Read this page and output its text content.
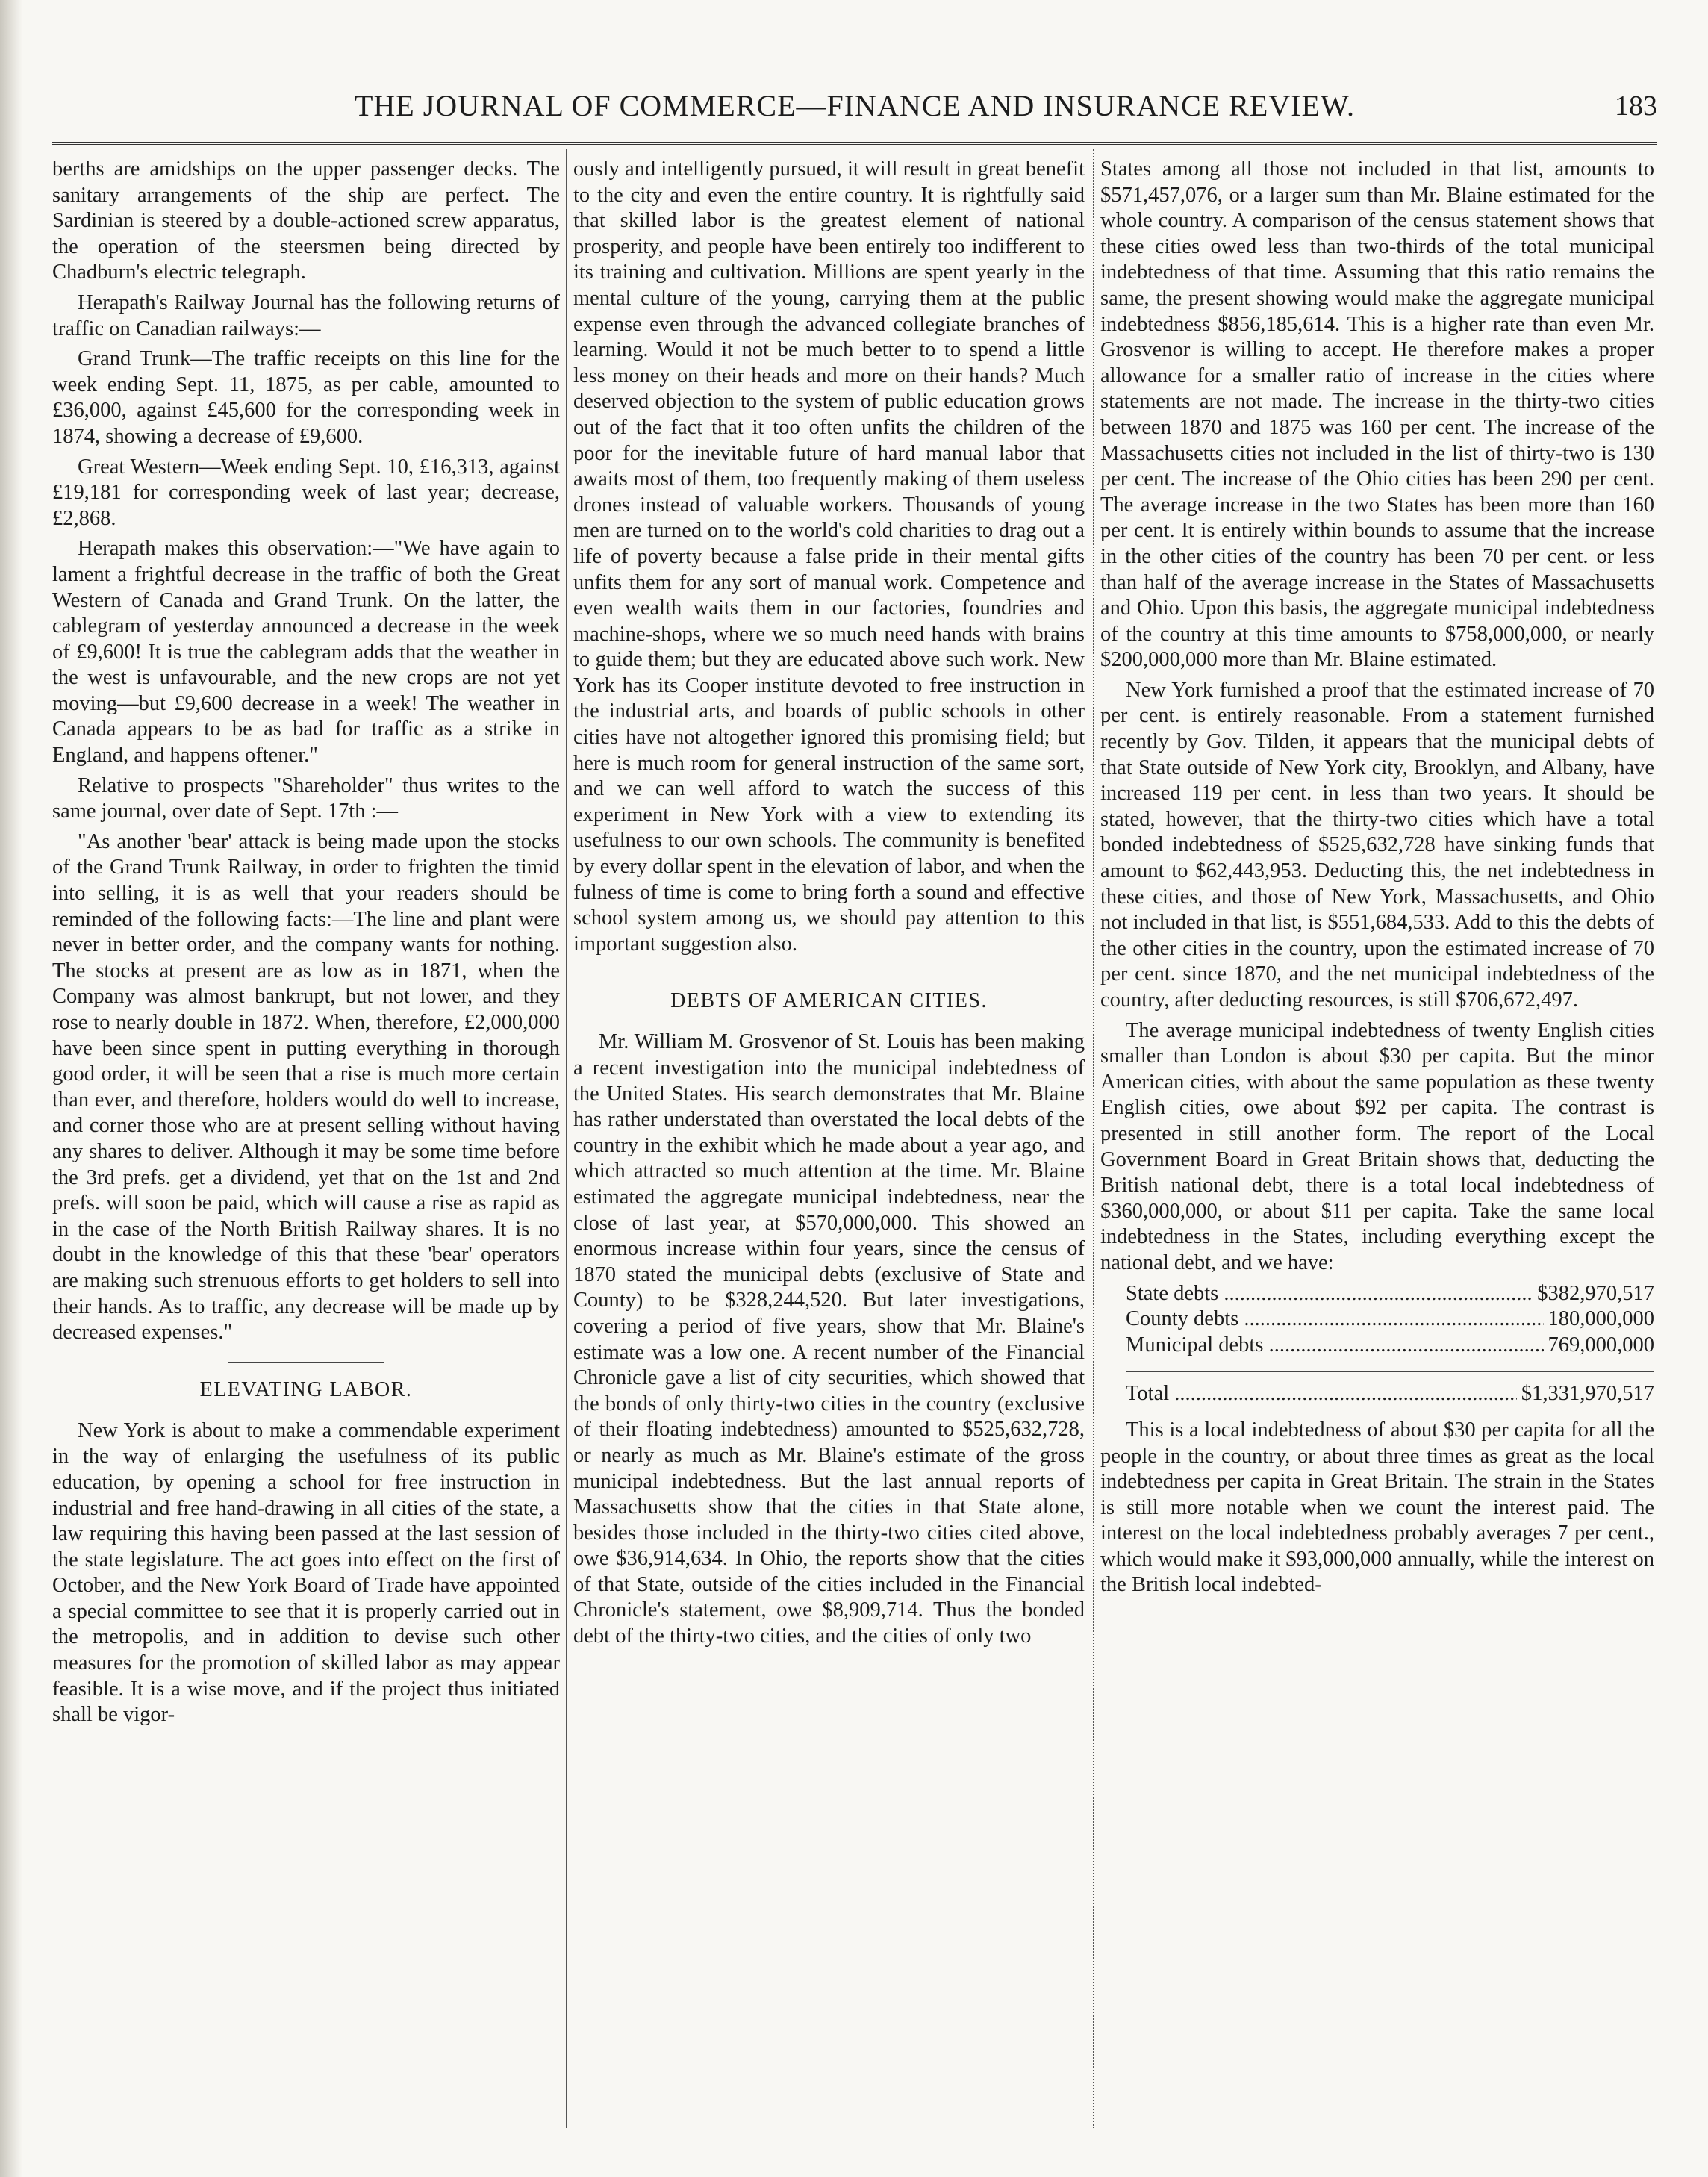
THE JOURNAL OF COMMERCE—FINANCE AND INSURANCE REVIEW.	183

berths are amidships on the upper passenger decks. The sanitary arrangements of the ship are perfect. The Sardinian is steered by a double-actioned screw apparatus, the operation of the steersmen being directed by Chadburn's electric telegraph.

Herapath's Railway Journal has the following returns of traffic on Canadian railways:—

Grand Trunk—The traffic receipts on this line for the week ending Sept. 11, 1875, as per cable, amounted to £36,000, against £45,600 for the corresponding week in 1874, showing a decrease of £9,600.

Great Western—Week ending Sept. 10, £16,313, against £19,181 for corresponding week of last year; decrease, £2,868.

Herapath makes this observation:—"We have again to lament a frightful decrease in the traffic of both the Great Western of Canada and Grand Trunk. On the latter, the cablegram of yesterday announced a decrease in the week of £9,600! It is true the cablegram adds that the weather in the west is unfavourable, and the new crops are not yet moving—but £9,600 decrease in a week! The weather in Canada appears to be as bad for traffic as a strike in England, and happens oftener."

Relative to prospects "Shareholder" thus writes to the same journal, over date of Sept. 17th :—

"As another 'bear' attack is being made upon the stocks of the Grand Trunk Railway, in order to frighten the timid into selling, it is as well that your readers should be reminded of the following facts:—The line and plant were never in better order, and the company wants for nothing. The stocks at present are as low as in 1871, when the Company was almost bankrupt, but not lower, and they rose to nearly double in 1872. When, therefore, £2,000,000 have been since spent in putting everything in thorough good order, it will be seen that a rise is much more certain than ever, and therefore, holders would do well to increase, and corner those who are at present selling without having any shares to deliver. Although it may be some time before the 3rd prefs. get a dividend, yet that on the 1st and 2nd prefs. will soon be paid, which will cause a rise as rapid as in the case of the North British Railway shares. It is no doubt in the knowledge of this that these 'bear' operators are making such strenuous efforts to get holders to sell into their hands. As to traffic, any decrease will be made up by decreased expenses."

ELEVATING LABOR.

New York is about to make a commendable experiment in the way of enlarging the usefulness of its public education, by opening a school for free instruction in industrial and free hand-drawing in all cities of the state, a law requiring this having been passed at the last session of the state legislature. The act goes into effect on the first of October, and the New York Board of Trade have appointed a special committee to see that it is properly carried out in the metropolis, and in addition to devise such other measures for the promotion of skilled labor as may appear feasible. It is a wise move, and if the project thus initiated shall be vigor-

ously and intelligently pursued, it will result in great benefit to the city and even the entire country. It is rightfully said that skilled labor is the greatest element of national prosperity, and people have been entirely too indifferent to its training and cultivation. Millions are spent yearly in the mental culture of the young, carrying them at the public expense even through the advanced collegiate branches of learning. Would it not be much better to to spend a little less money on their heads and more on their hands? Much deserved objection to the system of public education grows out of the fact that it too often unfits the children of the poor for the inevitable future of hard manual labor that awaits most of them, too frequently making of them useless drones instead of valuable workers. Thousands of young men are turned on to the world's cold charities to drag out a life of poverty because a false pride in their mental gifts unfits them for any sort of manual work. Competence and even wealth waits them in our factories, foundries and machine-shops, where we so much need hands with brains to guide them; but they are educated above such work. New York has its Cooper institute devoted to free instruction in the industrial arts, and boards of public schools in other cities have not altogether ignored this promising field; but here is much room for general instruction of the same sort, and we can well afford to watch the success of this experiment in New York with a view to extending its usefulness to our own schools. The community is benefited by every dollar spent in the elevation of labor, and when the fulness of time is come to bring forth a sound and effective school system among us, we should pay attention to this important suggestion also.

DEBTS OF AMERICAN CITIES.

Mr. William M. Grosvenor of St. Louis has been making a recent investigation into the municipal indebtedness of the United States. His search demonstrates that Mr. Blaine has rather understated than overstated the local debts of the country in the exhibit which he made about a year ago, and which attracted so much attention at the time. Mr. Blaine estimated the aggregate municipal indebtedness, near the close of last year, at $570,000,000. This showed an enormous increase within four years, since the census of 1870 stated the municipal debts (exclusive of State and County) to be $328,244,520. But later investigations, covering a period of five years, show that Mr. Blaine's estimate was a low one. A recent number of the Financial Chronicle gave a list of city securities, which showed that the bonds of only thirty-two cities in the country (exclusive of their floating indebtedness) amounted to $525,632,728, or nearly as much as Mr. Blaine's estimate of the gross municipal indebtedness. But the last annual reports of Massachusetts show that the cities in that State alone, besides those included in the thirty-two cities cited above, owe $36,914,634. In Ohio, the reports show that the cities of that State, outside of the cities included in the Financial Chronicle's statement, owe $8,909,714. Thus the bonded debt of the thirty-two cities, and the cities of only two

States among all those not included in that list, amounts to $571,457,076, or a larger sum than Mr. Blaine estimated for the whole country. A comparison of the census statement shows that these cities owed less than two-thirds of the total municipal indebtedness of that time. Assuming that this ratio remains the same, the present showing would make the aggregate municipal indebtedness $856,185,614. This is a higher rate than even Mr. Grosvenor is willing to accept. He therefore makes a proper allowance for a smaller ratio of increase in the cities where statements are not made. The increase in the thirty-two cities between 1870 and 1875 was 160 per cent. The increase of the Massachusetts cities not included in the list of thirty-two is 130 per cent. The increase of the Ohio cities has been 290 per cent. The average increase in the two States has been more than 160 per cent. It is entirely within bounds to assume that the increase in the other cities of the country has been 70 per cent. or less than half of the average increase in the States of Massachusetts and Ohio. Upon this basis, the aggregate municipal indebtedness of the country at this time amounts to $758,000,000, or nearly $200,000,000 more than Mr. Blaine estimated.

New York furnished a proof that the estimated increase of 70 per cent. is entirely reasonable. From a statement furnished recently by Gov. Tilden, it appears that the municipal debts of that State outside of New York city, Brooklyn, and Albany, have increased 119 per cent. in less than two years. It should be stated, however, that the thirty-two cities which have a total bonded indebtedness of $525,632,728 have sinking funds that amount to $62,443,953. Deducting this, the net indebtedness in these cities, and those of New York, Massachusetts, and Ohio not included in that list, is $551,684,533. Add to this the debts of the other cities in the country, upon the estimated increase of 70 per cent. since 1870, and the net municipal indebtedness of the country, after deducting resources, is still $706,672,497.

The average municipal indebtedness of twenty English cities smaller than London is about $30 per capita. But the minor American cities, with about the same population as these twenty English cities, owe about $92 per capita. The contrast is presented in still another form. The report of the Local Government Board in Great Britain shows that, deducting the British national debt, there is a total local indebtedness of $360,000,000, or about $11 per capita. Take the same local indebtedness in the States, including everything except the national debt, and we have:

State debts .....	$382,970,517
County debts .....	180,000,000
Municipal debts .....	769,000,000
Total .....	$1,331,970,517

This is a local indebtedness of about $30 per capita for all the people in the country, or about three times as great as the local indebtedness per capita in Great Britain. The strain in the States is still more notable when we count the interest paid. The interest on the local indebtedness probably averages 7 per cent., which would make it $93,000,000 annually, while the interest on the British local indebted-
